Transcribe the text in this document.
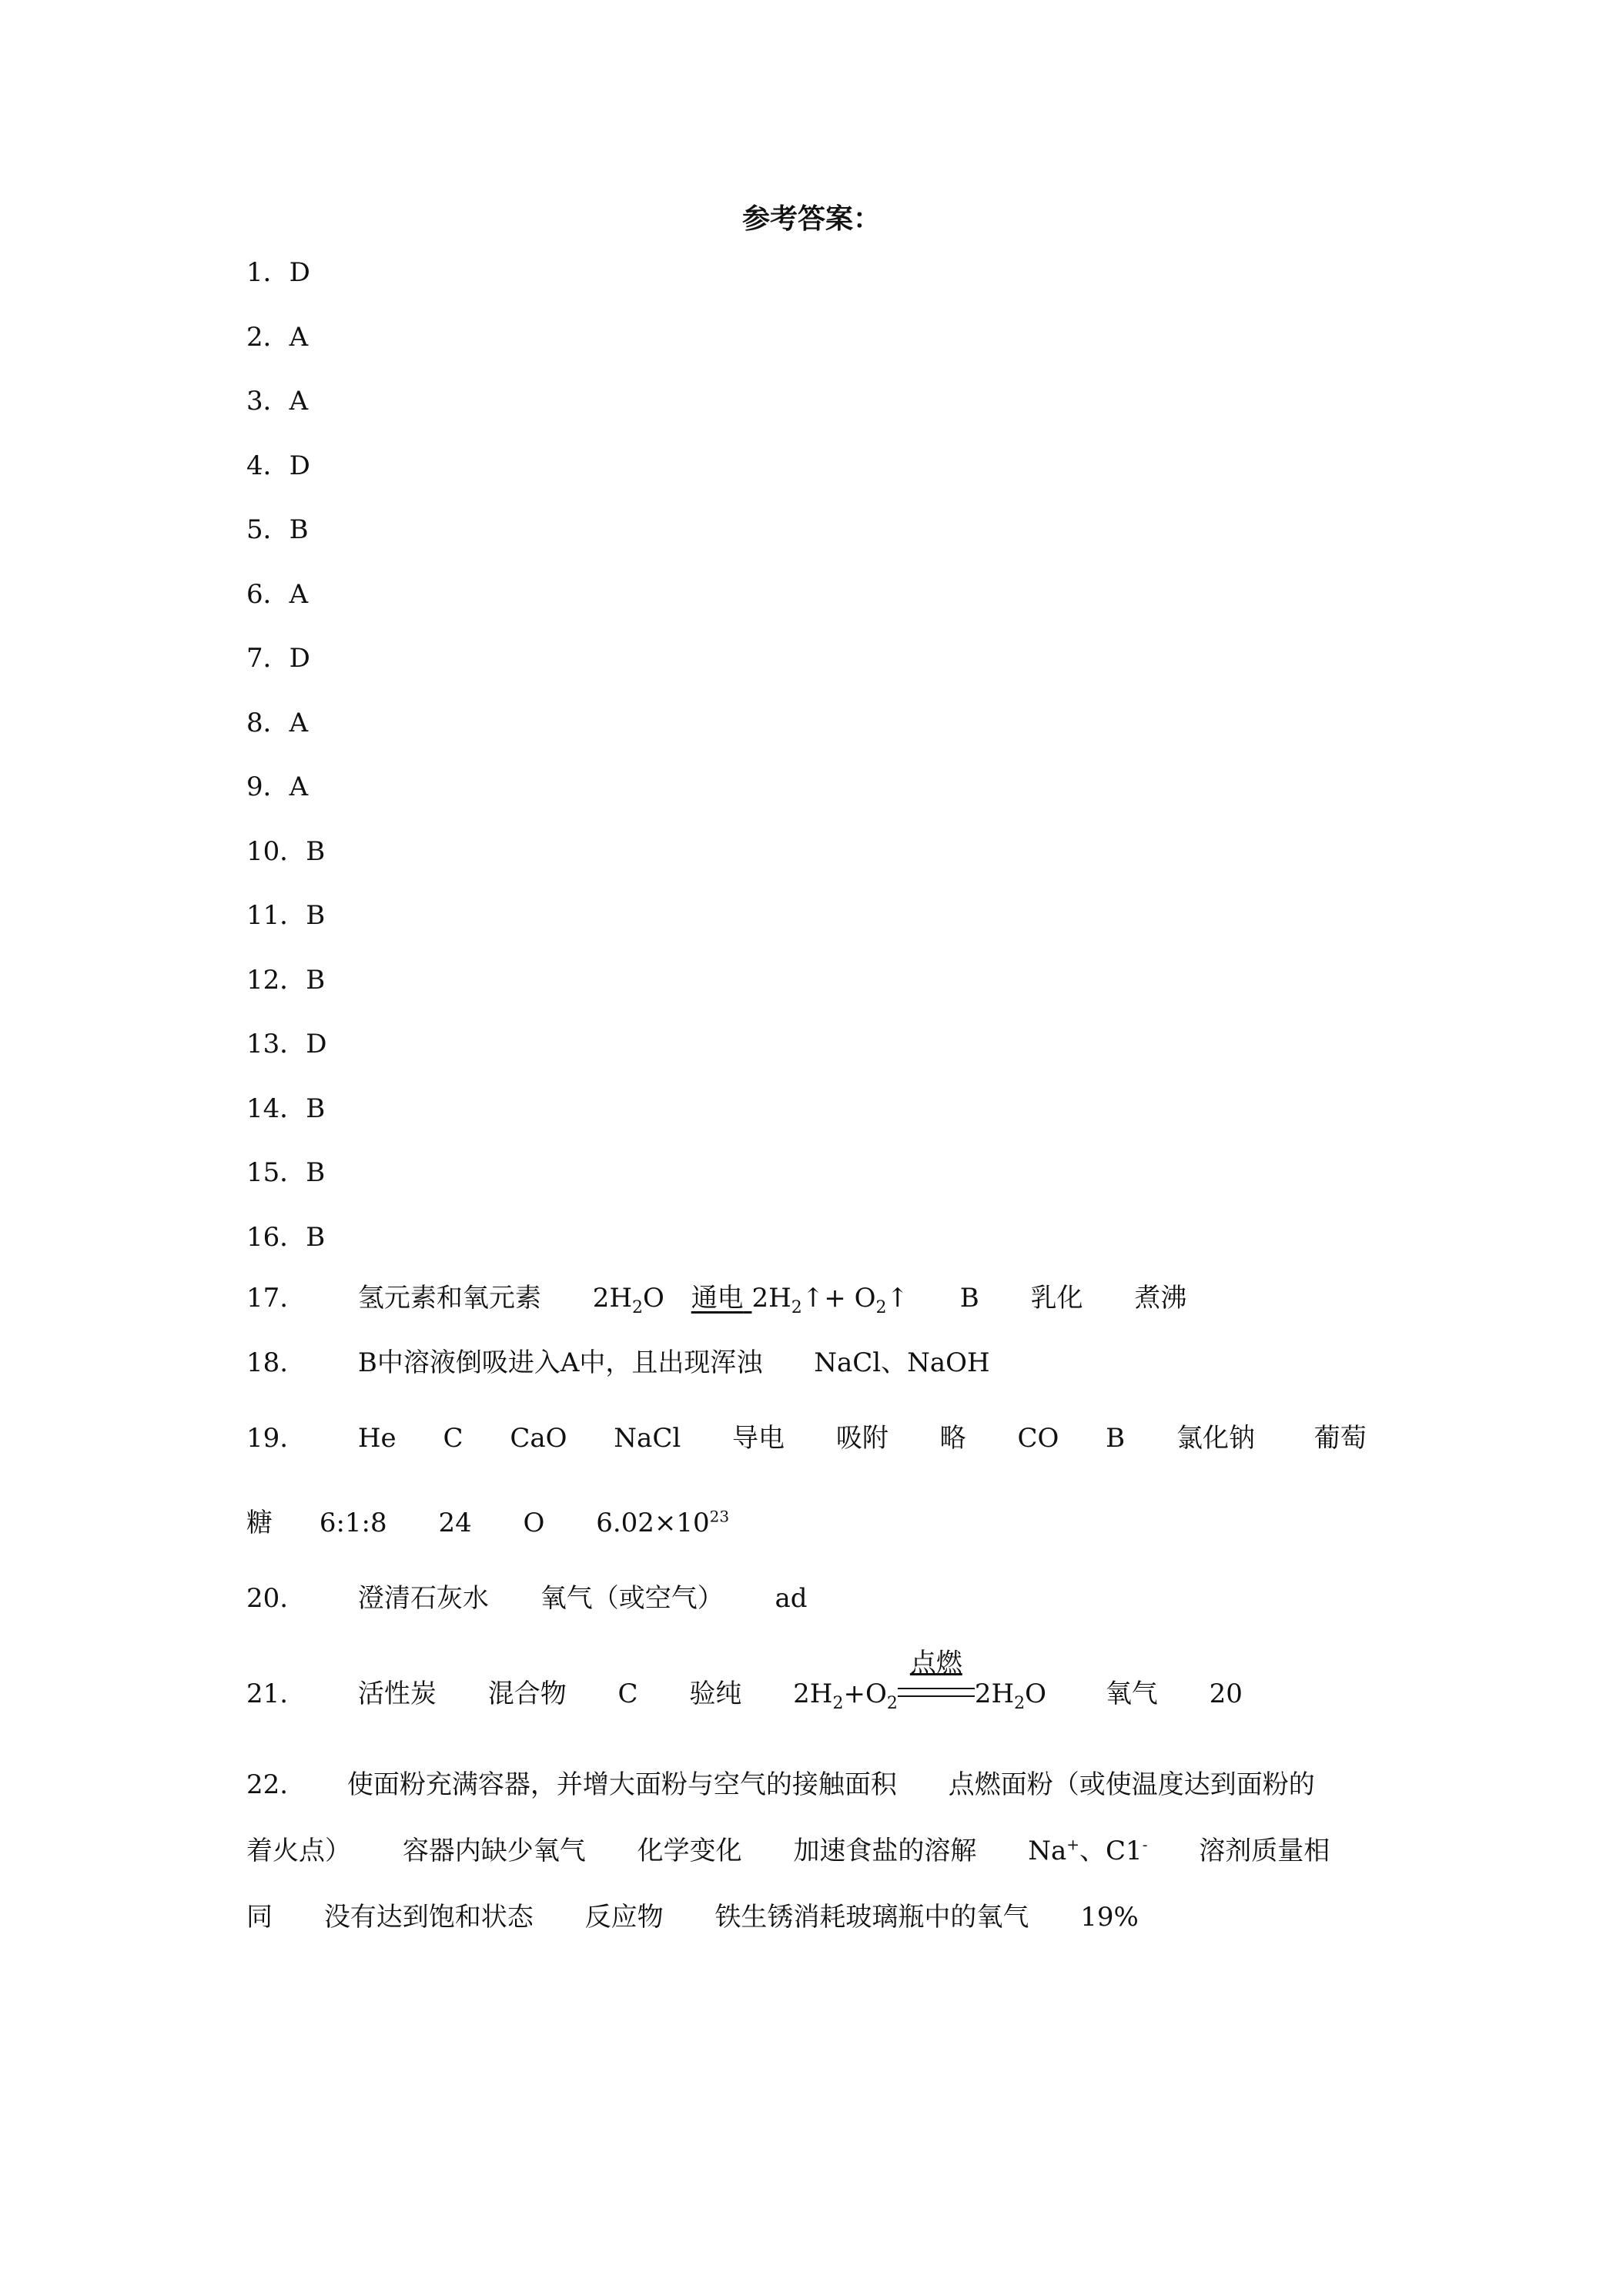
参考答案：
1．D
2．A
3．A
4．D
5．B
6．A
7．D
8．A
9．A
10．B
11．B
12．B
13．D
14．B
15．B
16．B
17.	氢元素和氧元素 $2H_2O$ 通电 $2H_2↑+$ $O_2↑$ B 乳化 煮沸
18.	B中溶液倒吸进入A中，且出现浑浊 NaCl、NaOH
19.	He C CaO NaCl 导电 吸附 略 CO B 氯化钠 葡萄
糖 6:1:8 24 O $6.02\times 10^{23}$
20.	澄清石灰水 氧气（或空气） ad
21.	活性炭 混合物 C 验纯 $2H_2+O_2$
点燃
$2H_2O$ 氧气 20
22. 使面粉充满容器，并增大面粉与空气的接触面积 点燃面粉（或使温度达到面粉的
着火点） 容器内缺少氧气 化学变化 加速食盐的溶解 Na+、C1- 溶剂质量相
同 没有达到饱和状态 反应物 铁生锈消耗玻璃瓶中的氧气 19%
